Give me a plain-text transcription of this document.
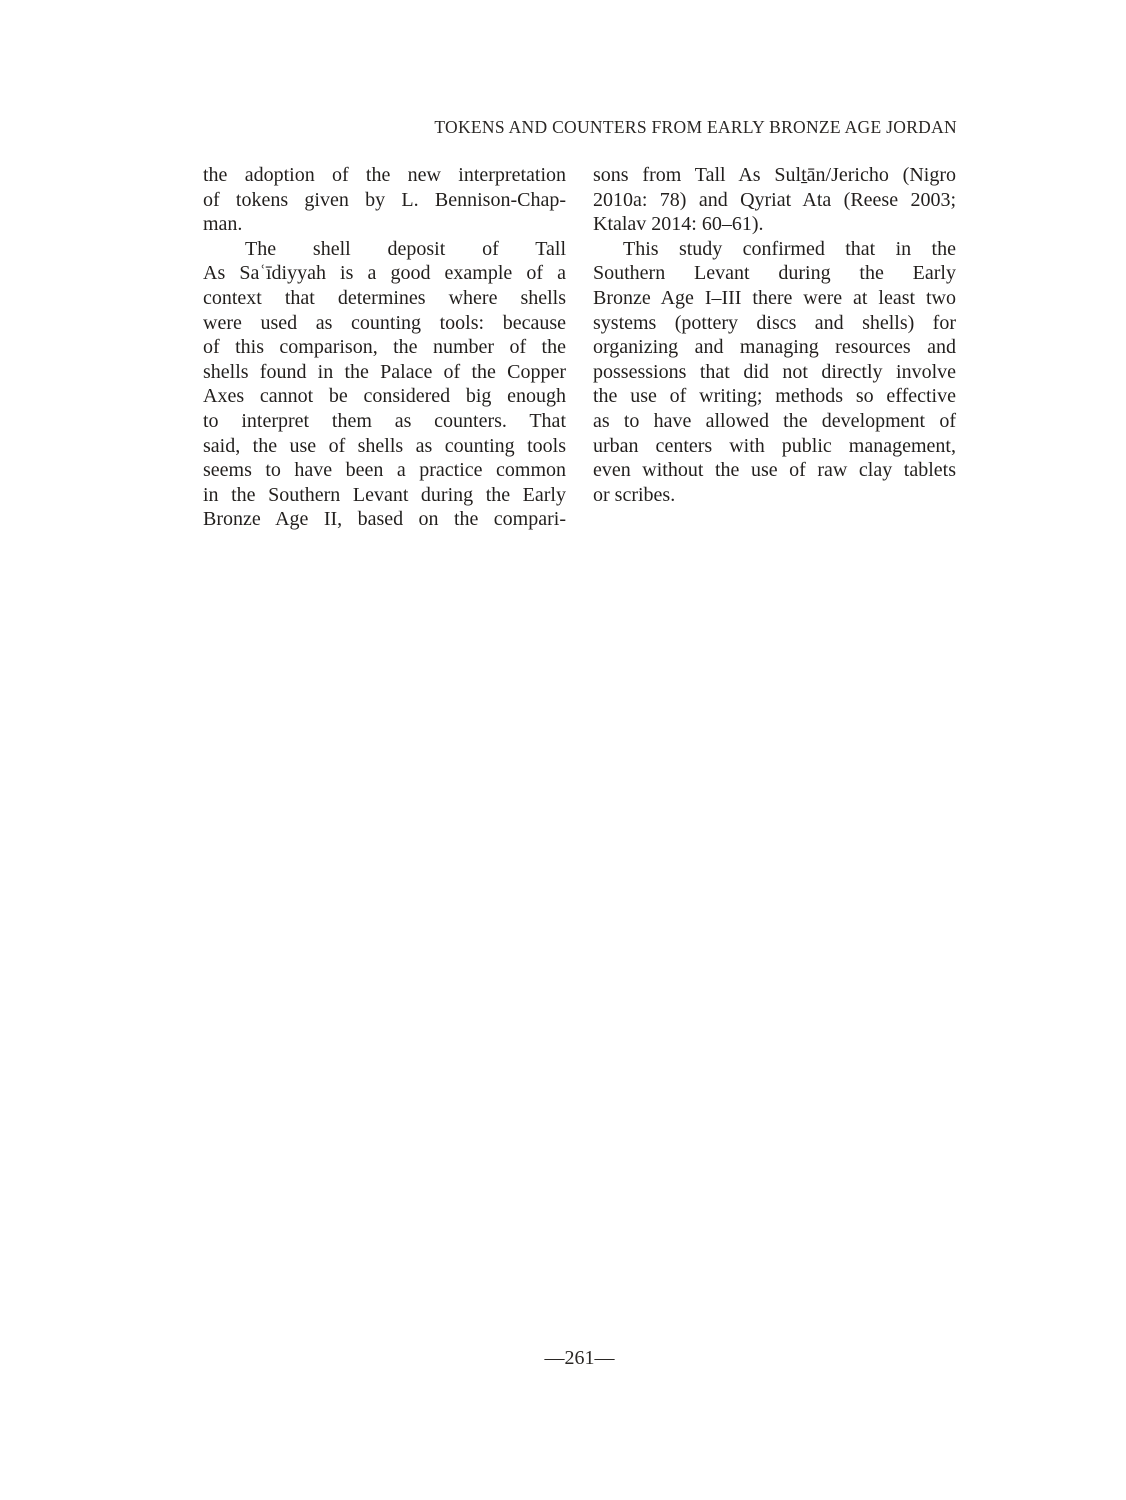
TOKENS AND COUNTERS FROM EARLY BRONZE AGE JORDAN
the adoption of the new interpretation
of tokens given by L. Bennison-Chap-
man.
The shell deposit of Tall
As Saʿīdiyyah is a good example of a
context that determines where shells
were used as counting tools: because
of this comparison, the number of the
shells found in the Palace of the Copper
Axes cannot be considered big enough
to interpret them as counters. That
said, the use of shells as counting tools
seems to have been a practice common
in the Southern Levant during the Early
Bronze Age II, based on the compari-
sons from Tall As Sulṯān/Jericho (Nigro
2010a: 78) and Qyriat Ata (Reese 2003;
Ktalav 2014: 60–61).
This study confirmed that in the
Southern Levant during the Early
Bronze Age I–III there were at least two
systems (pottery discs and shells) for
organizing and managing resources and
possessions that did not directly involve
the use of writing; methods so effective
as to have allowed the development of
urban centers with public management,
even without the use of raw clay tablets
or scribes.
—261—
